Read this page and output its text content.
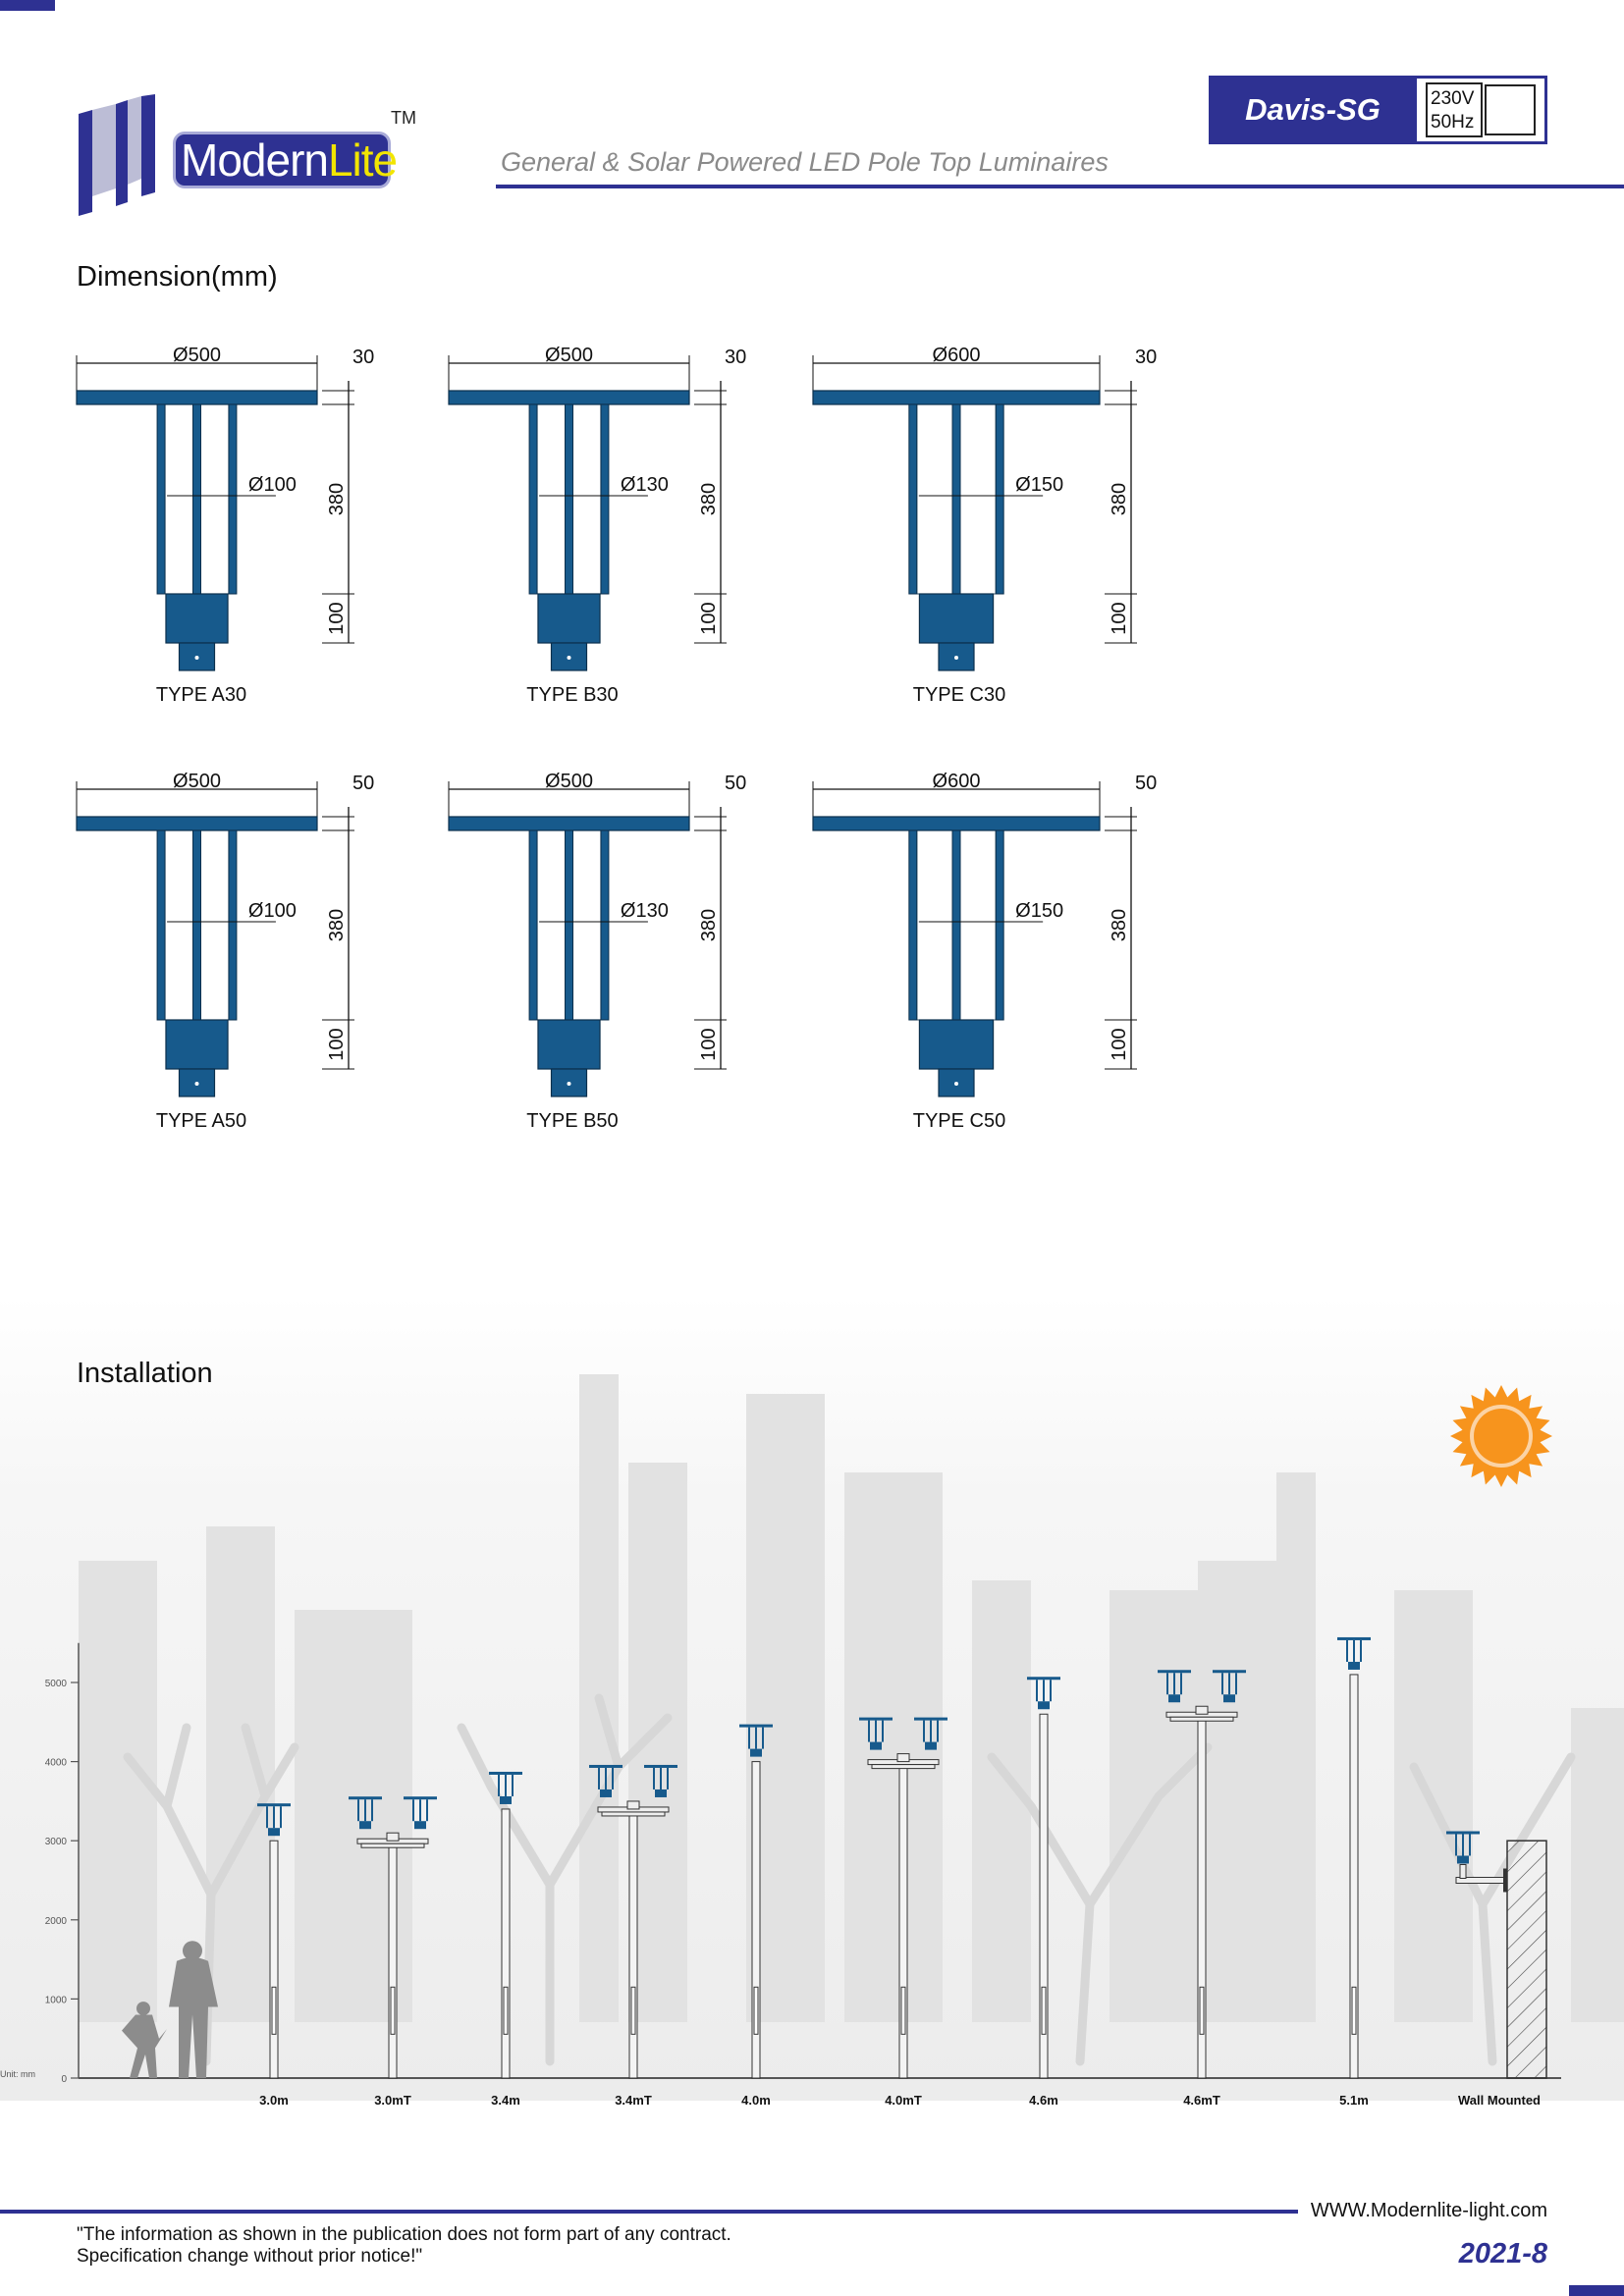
ModernLite
TM	Davis-SG	230V
50Hz
General & Solar Powered LED Pole Top Luminaires
Dimension(mm)
Ø500
Ø100
30
380
100
Ø500
Ø130
30
380
100
Ø600
Ø150
30
380
100
Ø500
Ø100
50
380
100
Ø500
Ø130
50
380
100
Ø600
Ø150
50
380
100
TYPE A30	TYPE B30	TYPE C30
TYPE A50	TYPE B50	TYPE C50
Installation
0
1000
2000
3000
4000
5000
Unit: mm
3.0m	3.0mT	3.4m	3.4mT	4.0m	4.0mT	4.6m	4.6mT	5.1m	Wall Mounted
WWW.Modernlite-light.com
"The information as shown in the publication does not form part of any contract.
Specification change without prior notice!"	2021-8
